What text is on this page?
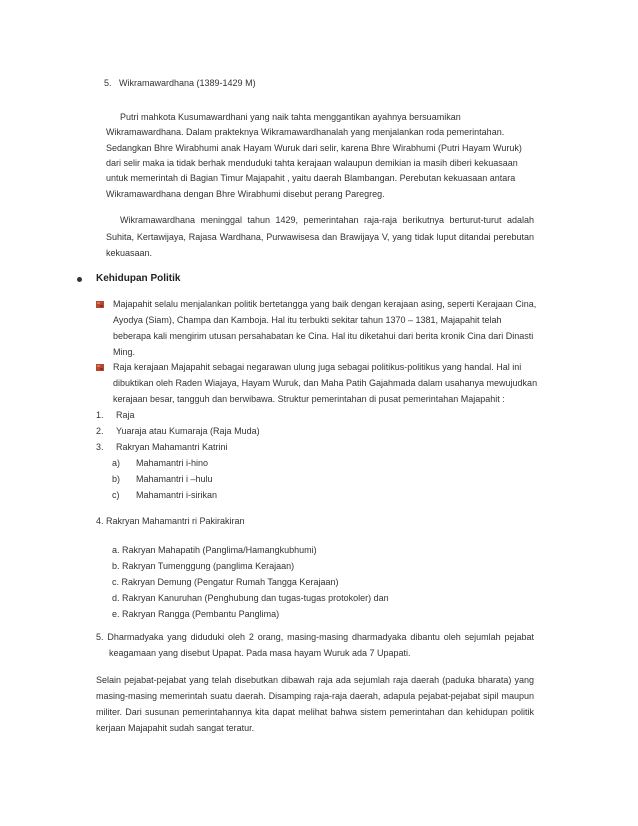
5. Wikramawardhana (1389-1429 M)
Putri mahkota Kusumawardhani yang naik tahta menggantikan ayahnya bersuamikan
Wikramawardhana. Dalam prakteknya Wikramawardhanalah yang menjalankan roda pemerintahan.
Sedangkan Bhre Wirabhumi anak Hayam Wuruk dari selir, karena Bhre Wirabhumi (Putri Hayam Wuruk)
dari selir maka ia tidak berhak menduduki tahta kerajaan walaupun demikian ia masih diberi kekuasaan
untuk memerintah di Bagian Timur Majapahit , yaitu daerah Blambangan. Perebutan kekuasaan antara
Wikramawardhana dengan Bhre Wirabhumi disebut perang Paregreg.
Wikramawardhana meninggal tahun 1429, pemerintahan raja-raja berikutnya berturut-turut adalah
Suhita, Kertawijaya, Rajasa Wardhana, Purwawisesa dan Brawijaya V, yang tidak luput ditandai perebutan
kekuasaan.
Kehidupan Politik
Majapahit selalu menjalankan politik bertetangga yang baik dengan kerajaan asing, seperti Kerajaan Cina,
Ayodya (Siam), Champa dan Kamboja. Hal itu terbukti sekitar tahun 1370 – 1381, Majapahit telah
beberapa kali mengirim utusan persahabatan ke Cina. Hal itu diketahui dari berita kronik Cina dari Dinasti
Ming.
Raja kerajaan Majapahit sebagai negarawan ulung juga sebagai politikus-politikus yang handal. Hal ini
dibuktikan oleh Raden Wiajaya, Hayam Wuruk, dan Maha Patih Gajahmada dalam usahanya mewujudkan
kerajaan besar, tangguh dan berwibawa. Struktur pemerintahan di pusat pemerintahan Majapahit :
1. Raja
2. Yuaraja atau Kumaraja (Raja Muda)
3. Rakryan Mahamantri Katrini
a) Mahamantri i-hino
b) Mahamantri i –hulu
c) Mahamantri i-sirikan
4. Rakryan Mahamantri ri Pakirakiran
a. Rakryan Mahapatih (Panglima/Hamangkubhumi)
b. Rakryan Tumenggung (panglima Kerajaan)
c. Rakryan Demung (Pengatur Rumah Tangga Kerajaan)
d. Rakryan Kanuruhan (Penghubung dan tugas-tugas protokoler) dan
e. Rakryan Rangga (Pembantu Panglima)
5. Dharmadyaka yang diduduki oleh 2 orang, masing-masing dharmadyaka dibantu oleh sejumlah pejabat
keagamaan yang disebut Upapat. Pada masa hayam Wuruk ada 7 Upapati.
Selain pejabat-pejabat yang telah disebutkan dibawah raja ada sejumlah raja daerah (paduka bharata) yang
masing-masing memerintah suatu daerah. Disamping raja-raja daerah, adapula pejabat-pejabat sipil maupun
militer. Dari susunan pemerintahannya kita dapat melihat bahwa sistem pemerintahan dan kehidupan politik
kerjaan Majapahit sudah sangat teratur.
